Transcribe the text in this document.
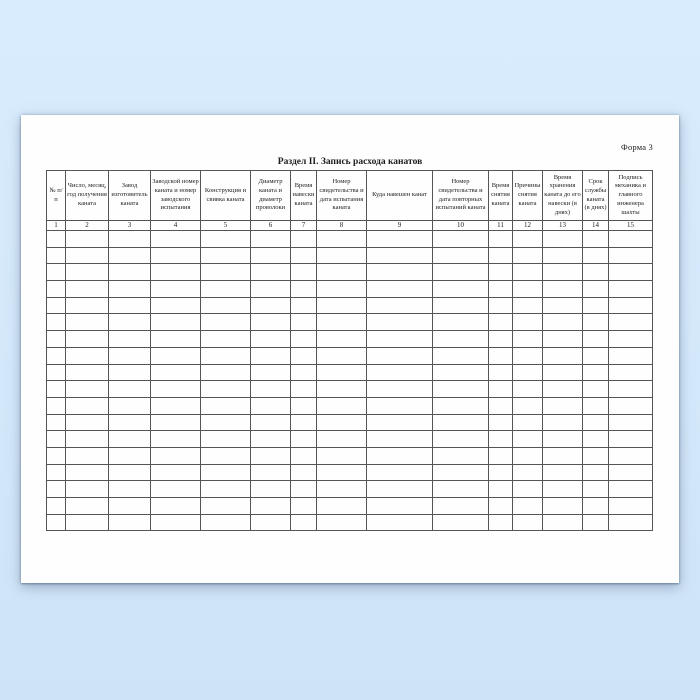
Форма 3
Раздел II. Запись расхода канатов
№ п/п	Число, месяц, год получения каната	Завод изготовитель каната	Заводской номер каната и номер заводского испытания	Конструкция и свивка каната	Диаметр каната и диаметр проволоки	Время навески каната	Номер свидетельства и дата испытания каната	Куда навешен канат	Номер свидетельства и дата повторных испытаний каната	Время снятия каната	Причины снятия каната	Время хранения каната до его навески (в днях)	Срок службы каната (в днях)	Подпись механика и главного инженера шахты
1	2	3	4	5	6	7	8	9	10	11	12	13	14	15
